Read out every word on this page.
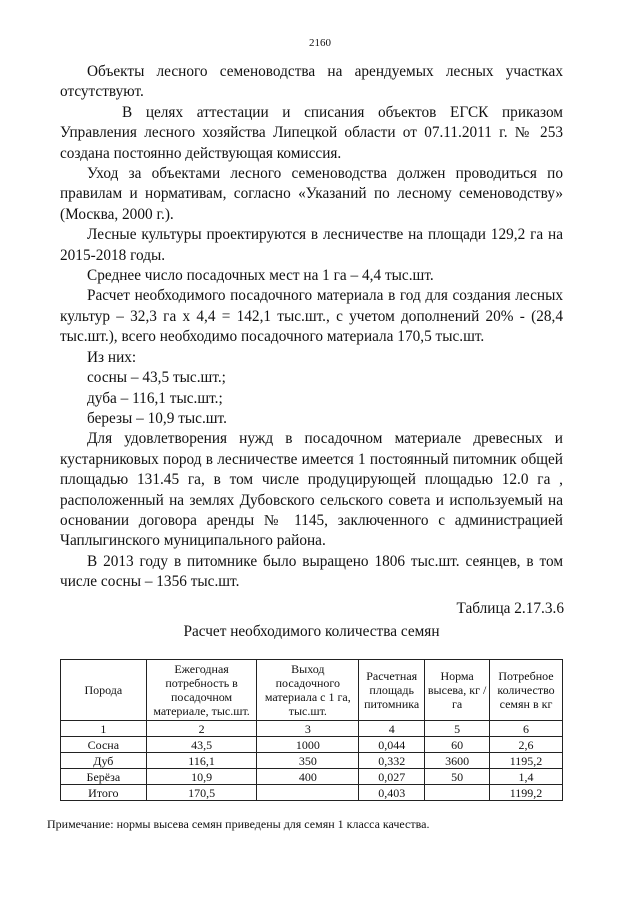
2160

Объекты лесного семеноводства на арендуемых лесных участках отсутствуют.

В целях аттестации и списания объектов ЕГСК приказом Управления лесного хозяйства Липецкой области от 07.11.2011 г. № 253 создана постоянно действующая комиссия.

Уход за объектами лесного семеноводства должен проводиться по правилам и нормативам, согласно «Указаний по лесному семеноводству» (Москва, 2000 г.).

Лесные культуры проектируются в лесничестве на площади 129,2 га на 2015-2018 годы.

Среднее число посадочных мест на 1 га – 4,4 тыс.шт.

Расчет необходимого посадочного материала в год для создания лесных культур – 32,3 га x 4,4 = 142,1 тыс.шт., с учетом дополнений 20% - (28,4 тыс.шт.), всего необходимо посадочного материала 170,5 тыс.шт.

Из них:

сосны – 43,5 тыс.шт.;

дуба – 116,1 тыс.шт.;

березы – 10,9 тыс.шт.

Для удовлетворения нужд в посадочном материале древесных и кустарниковых пород в лесничестве имеется 1 постоянный питомник общей площадью 131.45 га, в том числе продуцирующей площадью 12.0 га , расположенный на землях Дубовского сельского совета и используемый на основании договора аренды № 1145, заключенного с администрацией Чаплыгинского муниципального района.

В 2013 году в питомнике было выращено 1806 тыс.шт. сеянцев, в том числе сосны – 1356 тыс.шт.

Таблица 2.17.3.6
Расчет необходимого количества семян
Порода	Ежегодная потребность в посадочном материале, тыс.шт.	Выход посадочного материала с 1 га, тыс.шт.	Расчетная площадь питомника	Норма высева, кг / га	Потребное количество семян в кг
1	2	3	4	5	6
Сосна	43,5	1000	0,044	60	2,6
Дуб	116,1	350	0,332	3600	1195,2
Берёза	10,9	400	0,027	50	1,4
Итого	170,5		0,403		1199,2
Примечание: нормы высева семян приведены для семян 1 класса качества.
